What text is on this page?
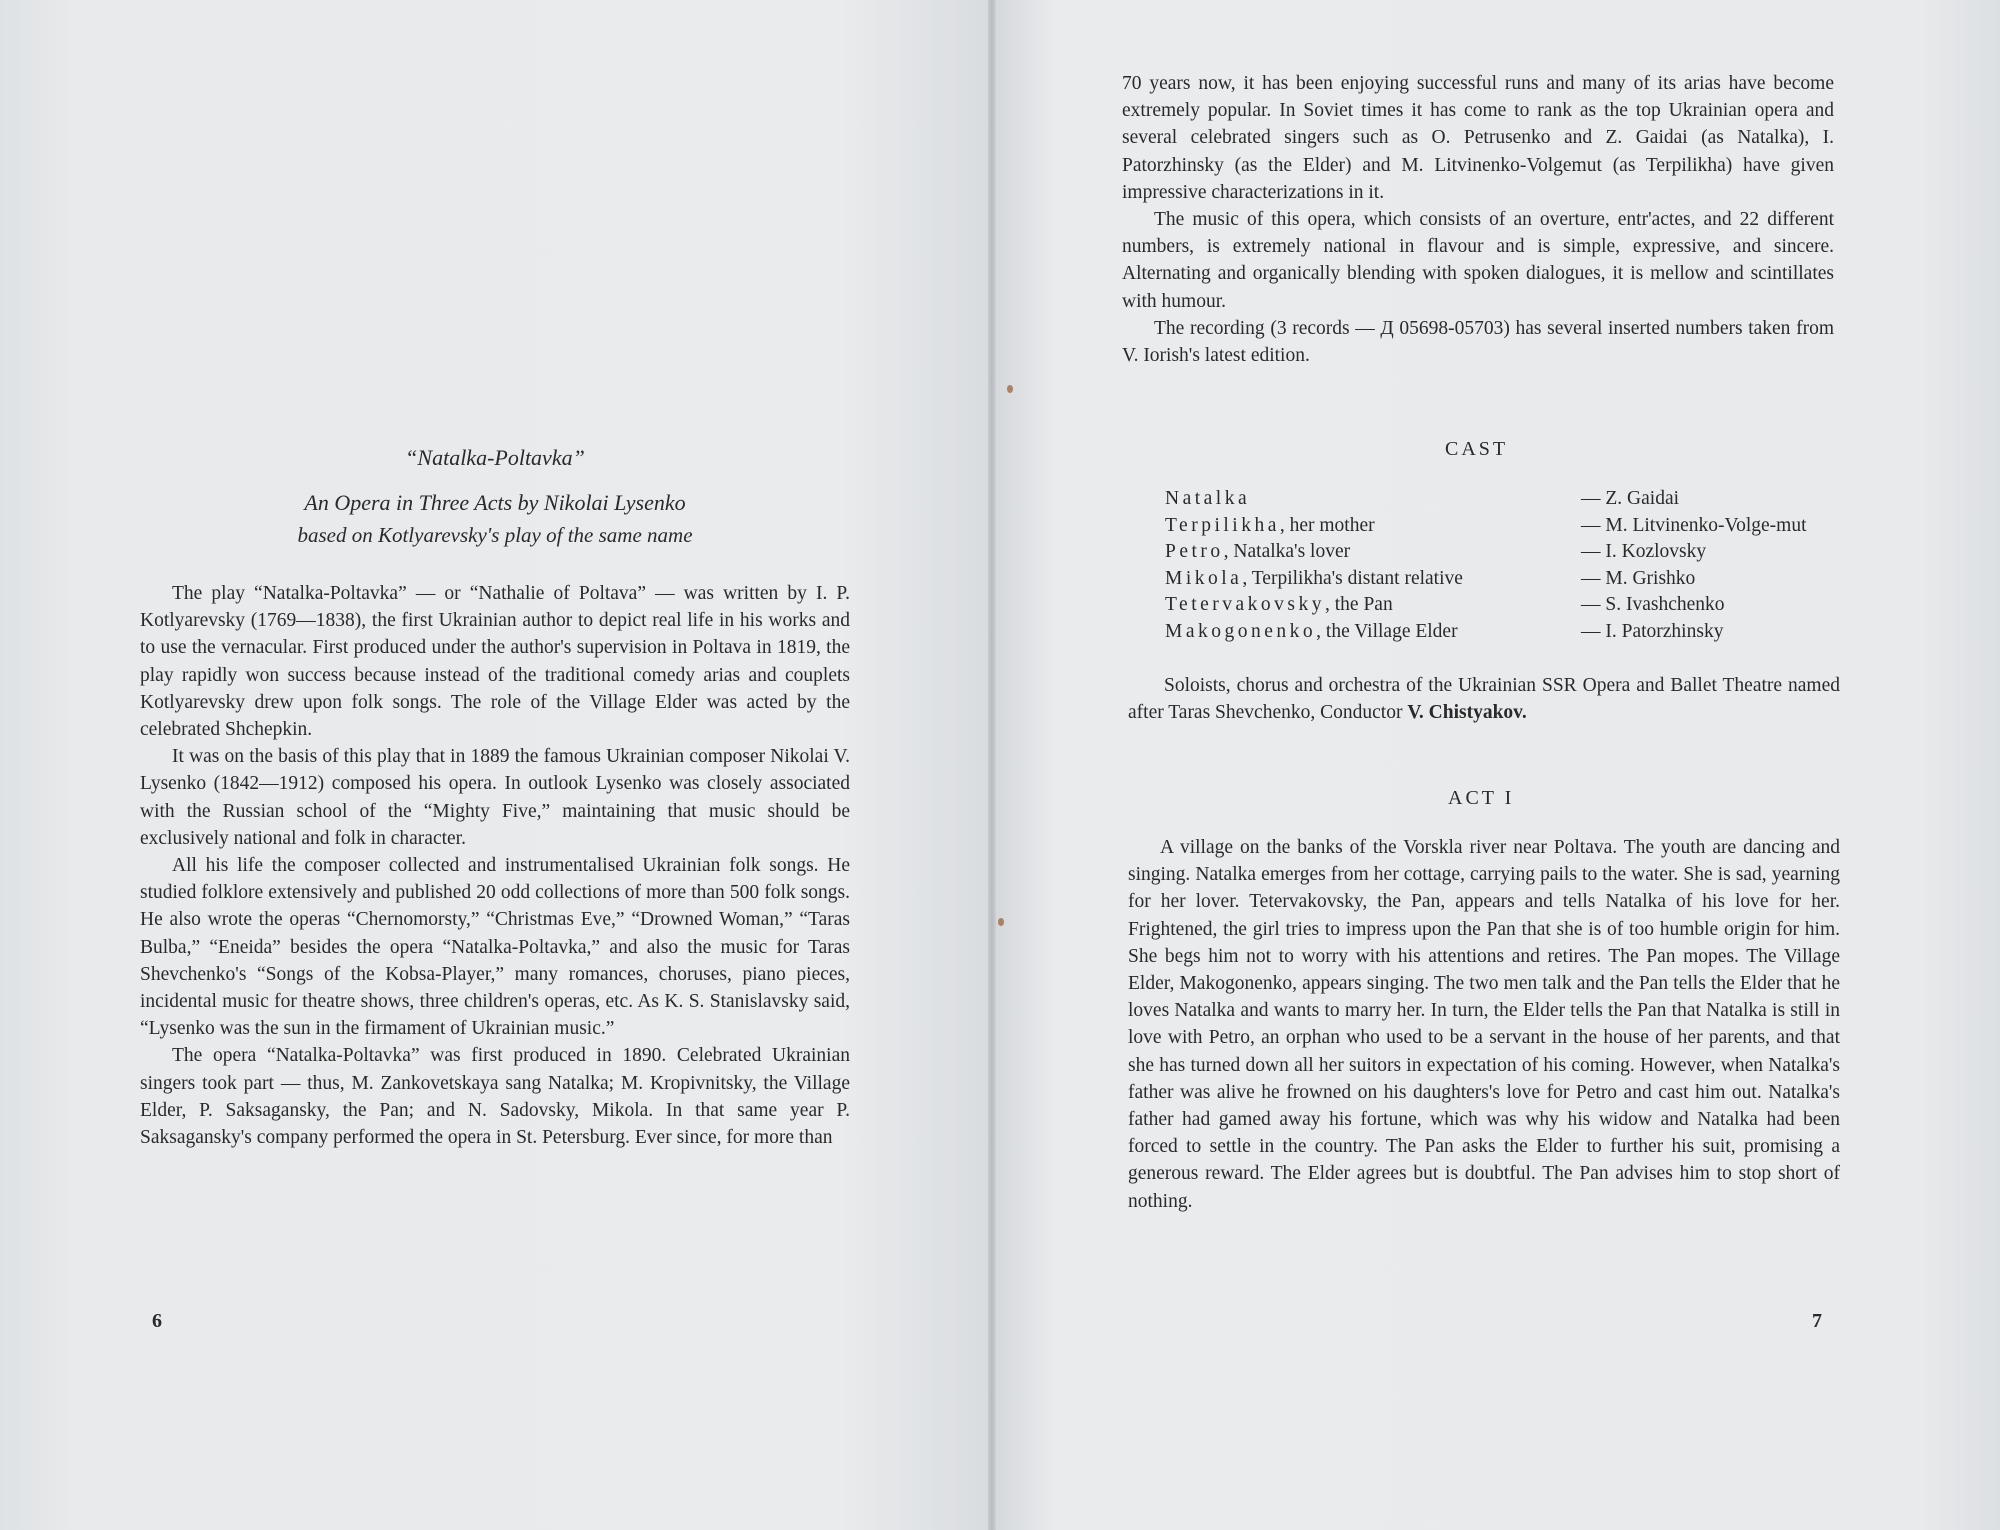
“Natalka-Poltavka”
An Opera in Three Acts by Nikolai Lysenko
based on Kotlyarevsky's play of the same name

The play “Natalka-Poltavka” — or “Nathalie of Poltava” — was written by I. P. Kotlyarevsky (1769—1838), the first Ukrainian author to depict real life in his works and to use the vernacular. First produced under the author's supervision in Poltava in 1819, the play rapidly won success because instead of the traditional comedy arias and couplets Kotlyarevsky drew upon folk songs. The role of the Village Elder was acted by the celebrated Shchepkin.

It was on the basis of this play that in 1889 the famous Ukrainian composer Nikolai V. Lysenko (1842—1912) composed his opera. In outlook Lysenko was closely associated with the Russian school of the “Mighty Five,” maintaining that music should be exclusively national and folk in character.

All his life the composer collected and instrumentalised Ukrainian folk songs. He studied folklore extensively and published 20 odd collections of more than 500 folk songs. He also wrote the operas “Chernomorsty,” “Christmas Eve,” “Drowned Woman,” “Taras Bulba,” “Eneida” besides the opera “Natalka-Poltavka,” and also the music for Taras Shevchenko's “Songs of the Kobsa-Player,” many romances, choruses, piano pieces, incidental music for theatre shows, three children's operas, etc. As K. S. Stanislavsky said, “Lysenko was the sun in the firmament of Ukrainian music.”

The opera “Natalka-Poltavka” was first produced in 1890. Celebrated Ukrainian singers took part — thus, M. Zankovetskaya sang Natalka; M. Kropivnitsky, the Village Elder, P. Saksagansky, the Pan; and N. Sadovsky, Mikola. In that same year P. Saksagansky's company performed the opera in St. Petersburg. Ever since, for more than

6

70 years now, it has been enjoying successful runs and many of its arias have become extremely popular. In Soviet times it has come to rank as the top Ukrainian opera and several celebrated singers such as O. Petrusenko and Z. Gaidai (as Natalka), I. Patorzhinsky (as the Elder) and M. Litvinenko-Volgemut (as Terpilikha) have given impressive characterizations in it.

The music of this opera, which consists of an overture, entr'actes, and 22 different numbers, is extremely national in flavour and is simple, expressive, and sincere. Alternating and organically blending with spoken dialogues, it is mellow and scintillates with humour.

The recording (3 records — Д 05698-05703) has several inserted numbers taken from V. Iorish's latest edition.

CAST
Natalka	— Z. Gaidai
Terpilikha, her mother	— M. Litvinenko-Volge-mut
Petro, Natalka's lover	— I. Kozlovsky
Mikola, Terpilikha's distant relative	— M. Grishko
Tetervakovsky, the Pan	— S. Ivashchenko
Makogonenko, the Village Elder	— I. Patorzhinsky

Soloists, chorus and orchestra of the Ukrainian SSR Opera and Ballet Theatre named after Taras Shevchenko, Conductor V. Chistyakov.

ACT I

A village on the banks of the Vorskla river near Poltava. The youth are dancing and singing. Natalka emerges from her cottage, carrying pails to the water. She is sad, yearning for her lover. Tetervakovsky, the Pan, appears and tells Natalka of his love for her. Frightened, the girl tries to impress upon the Pan that she is of too humble origin for him. She begs him not to worry with his attentions and retires. The Pan mopes. The Village Elder, Makogonenko, appears singing. The two men talk and the Pan tells the Elder that he loves Natalka and wants to marry her. In turn, the Elder tells the Pan that Natalka is still in love with Petro, an orphan who used to be a servant in the house of her parents, and that she has turned down all her suitors in expectation of his coming. However, when Natalka's father was alive he frowned on his daughters's love for Petro and cast him out. Natalka's father had gamed away his fortune, which was why his widow and Natalka had been forced to settle in the country. The Pan asks the Elder to further his suit, promising a generous reward. The Elder agrees but is doubtful. The Pan advises him to stop short of nothing.

7
